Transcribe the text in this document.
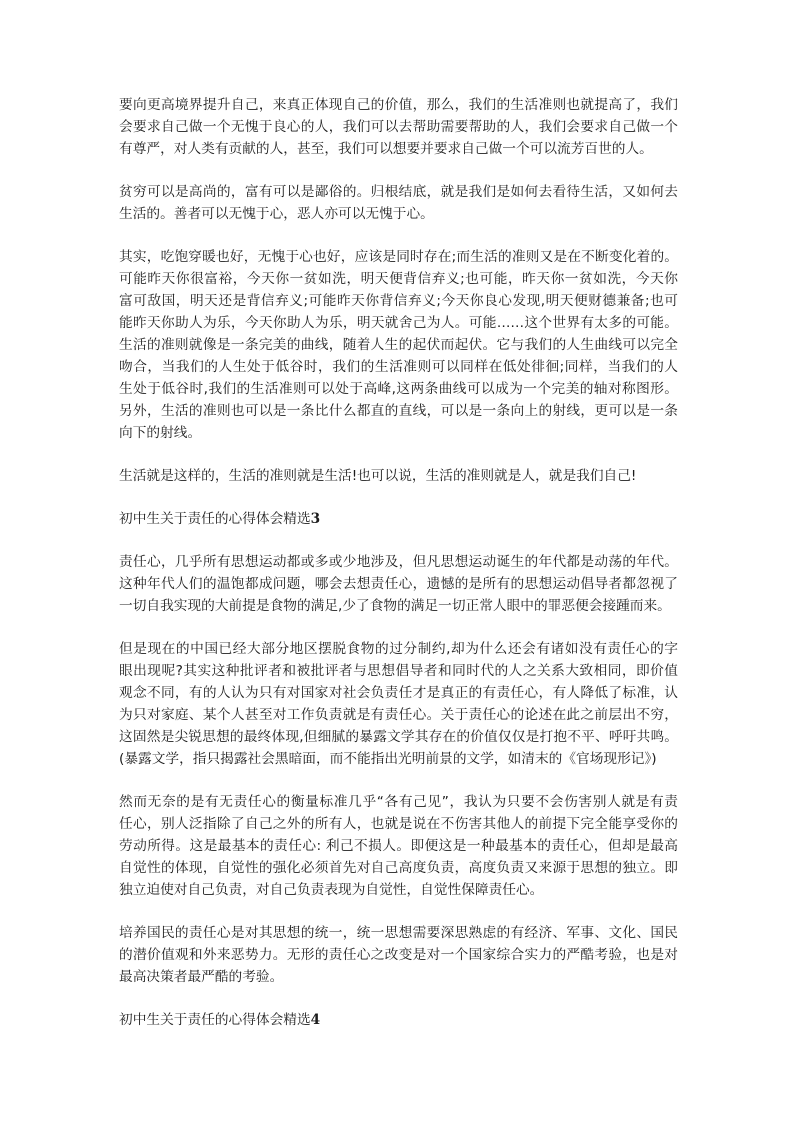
要向更高境界提升自己，来真正体现自己的价值，那么，我们的生活准则也就提高了，我们
会要求自己做一个无愧于良心的人，我们可以去帮助需要帮助的人，我们会要求自己做一个
有尊严，对人类有贡献的人，甚至，我们可以想要并要求自己做一个可以流芳百世的人。

贫穷可以是高尚的，富有可以是鄙俗的。归根结底，就是我们是如何去看待生活，又如何去
生活的。善者可以无愧于心，恶人亦可以无愧于心。

其实，吃饱穿暖也好，无愧于心也好，应该是同时存在;而生活的准则又是在不断变化着的。
可能昨天你很富裕，今天你一贫如洗，明天便背信弃义;也可能，昨天你一贫如洗，今天你
富可敌国，明天还是背信弃义;可能昨天你背信弃义;今天你良心发现,明天便财德兼备;也可
能昨天你助人为乐，今天你助人为乐，明天就舍己为人。可能……这个世界有太多的可能。
生活的准则就像是一条完美的曲线，随着人生的起伏而起伏。它与我们的人生曲线可以完全
吻合，当我们的人生处于低谷时，我们的生活准则可以同样在低处徘徊;同样，当我们的人
生处于低谷时,我们的生活准则可以处于高峰,这两条曲线可以成为一个完美的轴对称图形。
另外，生活的准则也可以是一条比什么都直的直线，可以是一条向上的射线，更可以是一条
向下的射线。

生活就是这样的，生活的准则就是生活!也可以说，生活的准则就是人，就是我们自己!

初中生关于责任的心得体会精选3

责任心，几乎所有思想运动都或多或少地涉及，但凡思想运动诞生的年代都是动荡的年代。
这种年代人们的温饱都成问题，哪会去想责任心，遗憾的是所有的思想运动倡导者都忽视了
一切自我实现的大前提是食物的满足,少了食物的满足一切正常人眼中的罪恶便会接踵而来。

但是现在的中国已经大部分地区摆脱食物的过分制约,却为什么还会有诸如没有责任心的字
眼出现呢?其实这种批评者和被批评者与思想倡导者和同时代的人之关系大致相同，即价值
观念不同，有的人认为只有对国家对社会负责任才是真正的有责任心，有人降低了标准，认
为只对家庭、某个人甚至对工作负责就是有责任心。关于责任心的论述在此之前层出不穷，
这固然是尖锐思想的最终体现,但细腻的暴露文学其存在的价值仅仅是打抱不平、呼吁共鸣。
(暴露文学，指只揭露社会黑暗面，而不能指出光明前景的文学，如清末的《官场现形记》)

然而无奈的是有无责任心的衡量标准几乎“各有己见”，我认为只要不会伤害别人就是有责
任心，别人泛指除了自己之外的所有人，也就是说在不伤害其他人的前提下完全能享受你的
劳动所得。这是最基本的责任心: 利己不损人。即便这是一种最基本的责任心，但却是最高
自觉性的体现，自觉性的强化必须首先对自己高度负责，高度负责又来源于思想的独立。即
独立迫使对自己负责，对自己负责表现为自觉性，自觉性保障责任心。

培养国民的责任心是对其思想的统一，统一思想需要深思熟虑的有经济、军事、文化、国民
的潜价值观和外来恶势力。无形的责任心之改变是对一个国家综合实力的严酷考验，也是对
最高决策者最严酷的考验。

初中生关于责任的心得体会精选4
